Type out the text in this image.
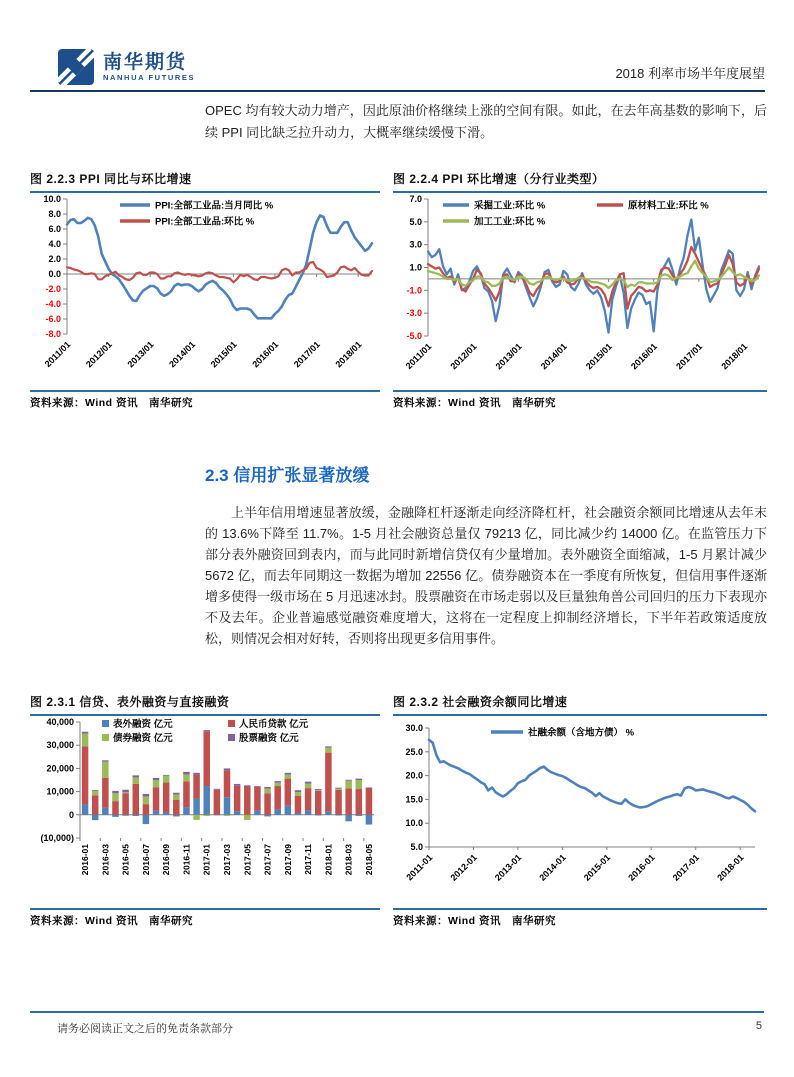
南华期货
NANHUA FUTURES	2018 利率市场半年度展望
OPEC 均有较大动力增产，因此原油价格继续上涨的空间有限。如此，在去年高基数的影响下，后续 PPI 同比缺乏拉升动力，大概率继续缓慢下滑。
图 2.2.3 PPI 同比与环比增速
-8.0
-6.0
-4.0
-2.0
0.0
2.0
4.0
6.0
8.0
10.0
2011/01 2012/01 2013/01 2014/01 2015/01 2016/01 2017/01 2018/01
PPI:全部工业品:当月同比 %
PPI:全部工业品:环比 %
资料来源：Wind 资讯　南华研究
图 2.2.4 PPI 环比增速（分行业类型）
-5.0
-3.0
-1.0
1.0
3.0
5.0
7.0
2011/01 2012/01 2013/01 2014/01 2015/01 2016/01 2017/01 2018/01
采掘工业:环比 %	原材料工业:环比 %
加工工业:环比 %
资料来源：Wind 资讯　南华研究
2.3 信用扩张显著放缓
上半年信用增速显著放缓，金融降杠杆逐渐走向经济降杠杆，社会融资余额同比增速从去年末的 13.6%下降至 11.7%。1-5 月社会融资总量仅 79213 亿，同比减少约 14000 亿。在监管压力下部分表外融资回到表内，而与此同时新增信贷仅有少量增加。表外融资全面缩减，1-5 月累计减少 5672 亿，而去年同期这一数据为增加 22556 亿。债券融资本在一季度有所恢复，但信用事件逐渐增多使得一级市场在 5 月迅速冰封。股票融资在市场走弱以及巨量独角兽公司回归的压力下表现亦不及去年。企业普遍感觉融资难度增大，这将在一定程度上抑制经济增长，下半年若政策适度放松，则情况会相对好转，否则将出现更多信用事件。
图 2.3.1 信贷、表外融资与直接融资
(10,000)
0
10,000
20,000
30,000
40,000
2016-01 2016-03 2016-05 2016-07 2016-09 2016-11 2017-01 2017-03 2017-05 2017-07 2017-09 2017-11 2018-01 2018-03 2018-05
表外融资 亿元	人民币贷款 亿元
债券融资 亿元	股票融资 亿元
资料来源：Wind 资讯　南华研究
图 2.3.2 社会融资余额同比增速
5.0
10.0
15.0
20.0
25.0
30.0
2011-01 2012-01 2013-01 2014-01 2015-01 2016-01 2017-01 2018-01
社融余额（含地方债） %
资料来源：Wind 资讯　南华研究
请务必阅读正文之后的免责条款部分	5
